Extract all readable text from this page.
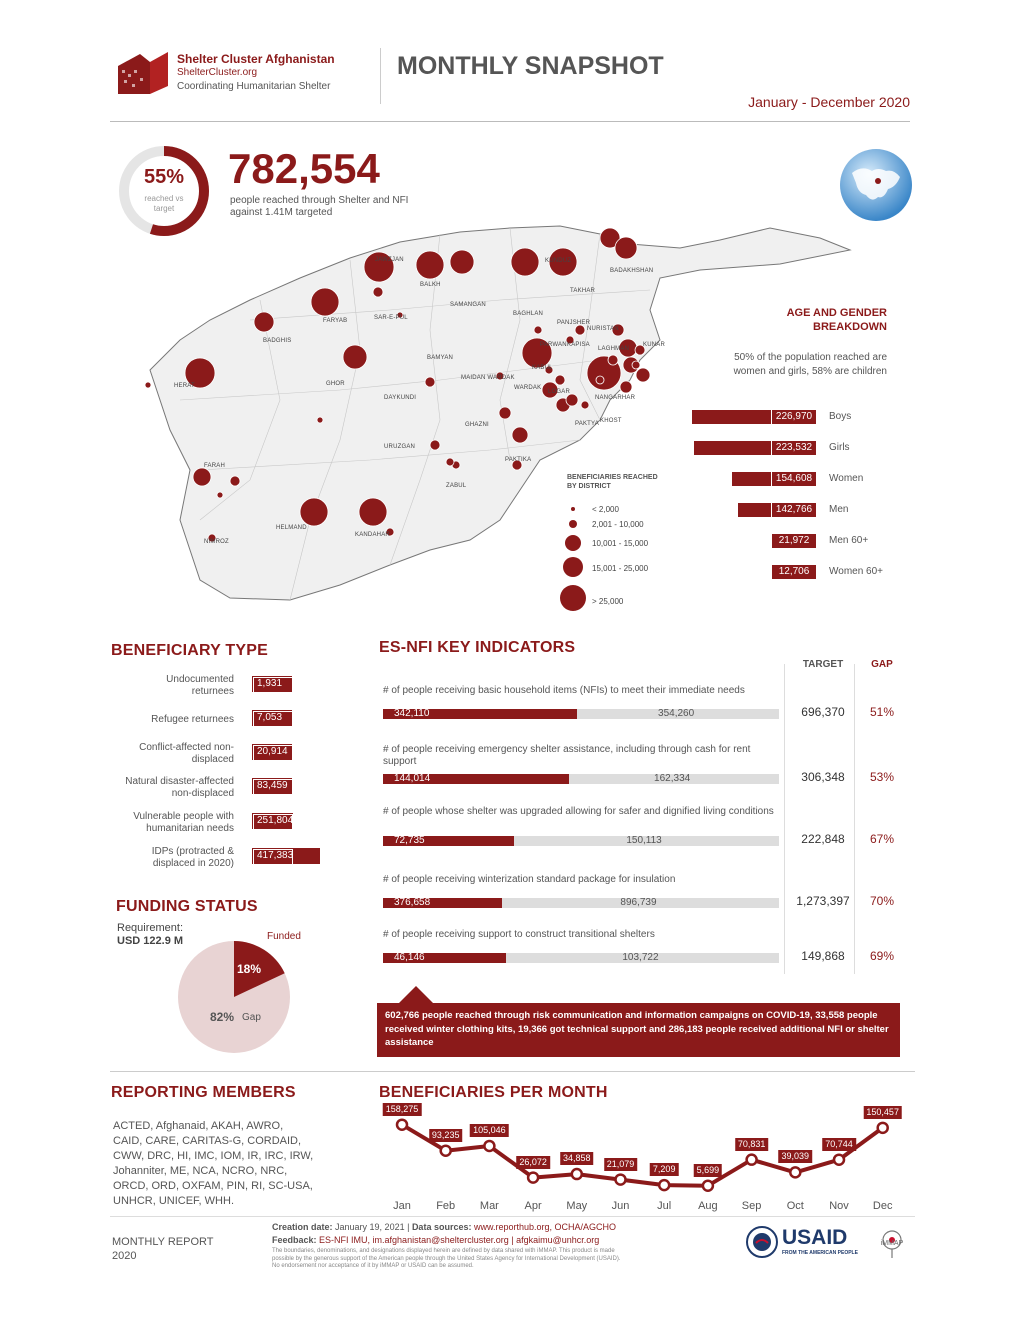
Shelter Cluster Afghanistan
ShelterCluster.org
Coordinating Humanitarian Shelter
MONTHLY SNAPSHOT
January - December 2020
55%
reached vs target
782,554
people reached through Shelter and NFI
against 1.41M targeted
BADAKHSHAN
FARYAB
BALKH
TAKHAR
SAMANGAN
BAGHLAN
JAWZJAN
SAR-E-PUL
KUNDUZ
BADGHIS
PANJSHER
NURISTAN
KUNAR
LAGHMAN
BAMYAN
PARWAN KAPISA
KABUL
NANGARHAR
HERAT	GHOR
DAYKUNDI
WARDAK
LOGAR
MAIDAN WARDAK
PAKTYA KHOST
PAKTIKA
GHAZNI
URUZGAN
ZABUL
FARAH
NIMROZ
HELMAND
KANDAHAR
BENEFICIARIES REACHED
BY DISTRICT
< 2,000
2,001 - 10,000
10,001 - 15,000
15,001 - 25,000
> 25,000
AGE AND GENDER
BREAKDOWN
50% of the population reached are
women and girls, 58% are children
226,970	Boys
223,532	Girls
154,608	Women
142,766	Men
21,972	Men 60+
12,706	Women 60+
BENEFICIARY TYPE
Undocumented
returnees
1,931
Refugee returnees	7,053
Conflict-affected non-
displaced
20,914
Natural disaster-affected
non-displaced
83,459
Vulnerable people with
humanitarian needs
251,804
IDPs (protracted &
displaced in 2020)
417,383
FUNDING STATUS
Requirement:
USD 122.9 M	Funded
18%
82% Gap
ES-NFI KEY INDICATORS
TARGET	GAP
# of people receiving basic household items (NFIs) to meet their immediate needs
342,110	354,260	696,370	51%
# of people receiving emergency shelter assistance, including through cash for rent support
144,014	162,334	306,348	53%
# of people whose shelter was upgraded allowing for safer and dignified living conditions
72,735	150,113	222,848	67%
# of people receiving winterization standard package for insulation
376,658	896,739	1,273,397	70%
# of people receiving support to construct transitional shelters
46,146	103,722	149,868	69%
602,766 people reached through risk communication and information campaigns on COVID-19, 33,558 people received winter clothing kits, 19,366 got technical support and 286,183 people received additional NFI or shelter assistance
REPORTING MEMBERS
ACTED, Afghanaid, AKAH, AWRO,
CAID, CARE, CARITAS-G, CORDAID,
CWW, DRC, HI, IMC, IOM, IR, IRC, IRW,
Johanniter, ME, NCA, NCRO, NRC,
ORCD, ORD, OXFAM, PIN, RI, SC-USA,
UNHCR, UNICEF, WHH.
BENEFICIARIES PER MONTH
158,275
Jan
93,235
Feb
105,046
Mar
26,072
Apr
34,858
May
21,079
Jun
7,209
Jul
5,699
Aug
70,831
Sep
39,039
Oct
70,744
Nov
150,457
Dec
MONTHLY REPORT
2020
Creation date: January 19, 2021 | Data sources: www.reporthub.org, OCHA/AGCHO
Feedback: ES-NFI IMU, im.afghanistan@sheltercluster.org | afgkaimu@unhcr.org
The boundaries, denominations, and designations displayed herein are defined by data shared with iMMAP. This product is made
possible by the generous support of the American people through the United States Agency for International Development (USAID).
No endorsement nor acceptance of it by iMMAP or USAID can be assumed.
USAID
FROM THE AMERICAN PEOPLE
iMMAP
